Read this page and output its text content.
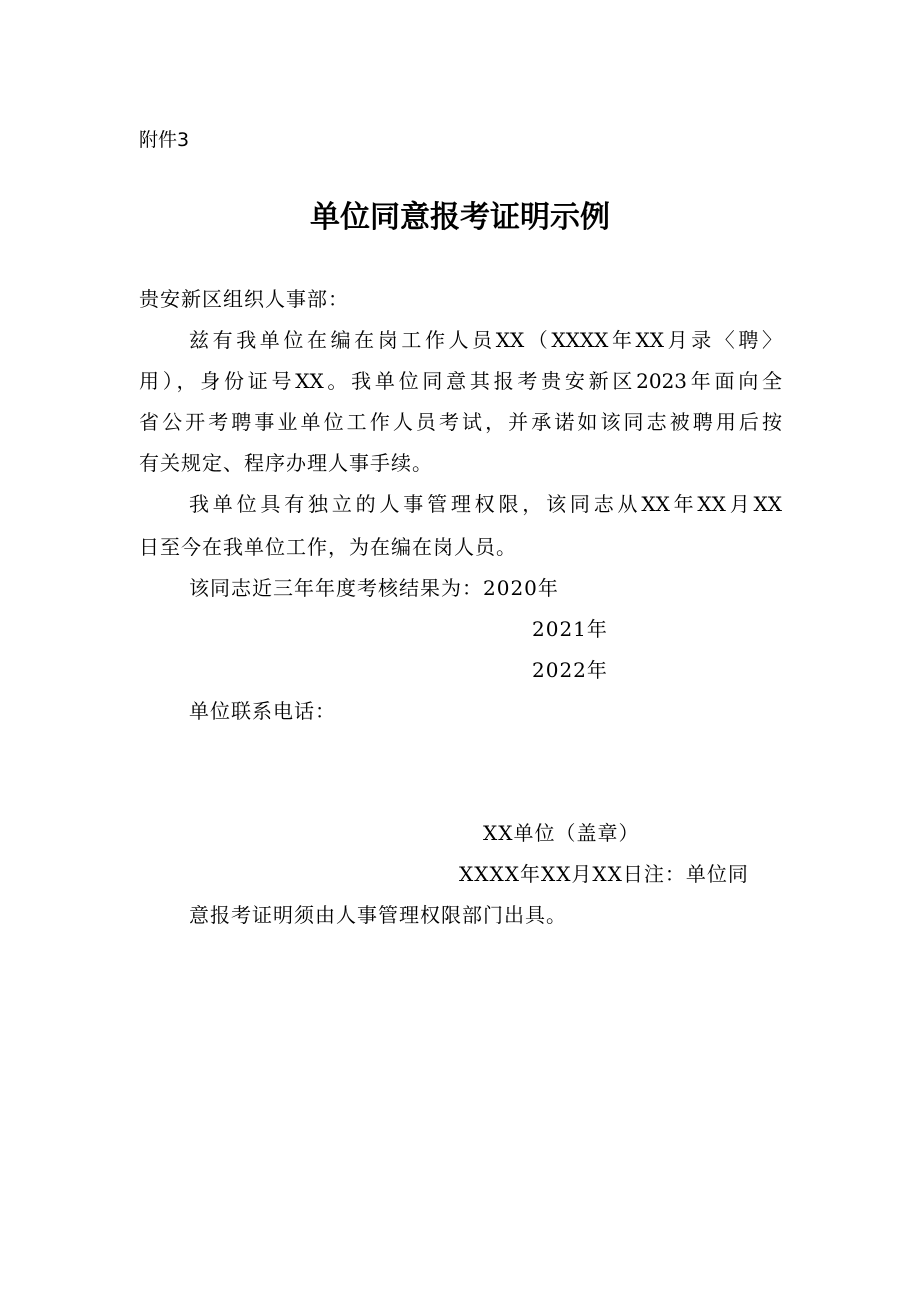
附件3
单位同意报考证明示例
贵安新区组织人事部：
兹有我单位在编在岗工作人员XX（XXXX年XX月录〈聘〉
用），身份证号XX。我单位同意其报考贵安新区2023年面向全
省公开考聘事业单位工作人员考试，并承诺如该同志被聘用后按
有关规定、程序办理人事手续。
我单位具有独立的人事管理权限，该同志从XX年XX月XX
日至今在我单位工作，为在编在岗人员。
该同志近三年年度考核结果为：2020年
2021年
2022年
单位联系电话：
XX单位（盖章）
XXXX年XX月XX日注：单位同
意报考证明须由人事管理权限部门出具。
